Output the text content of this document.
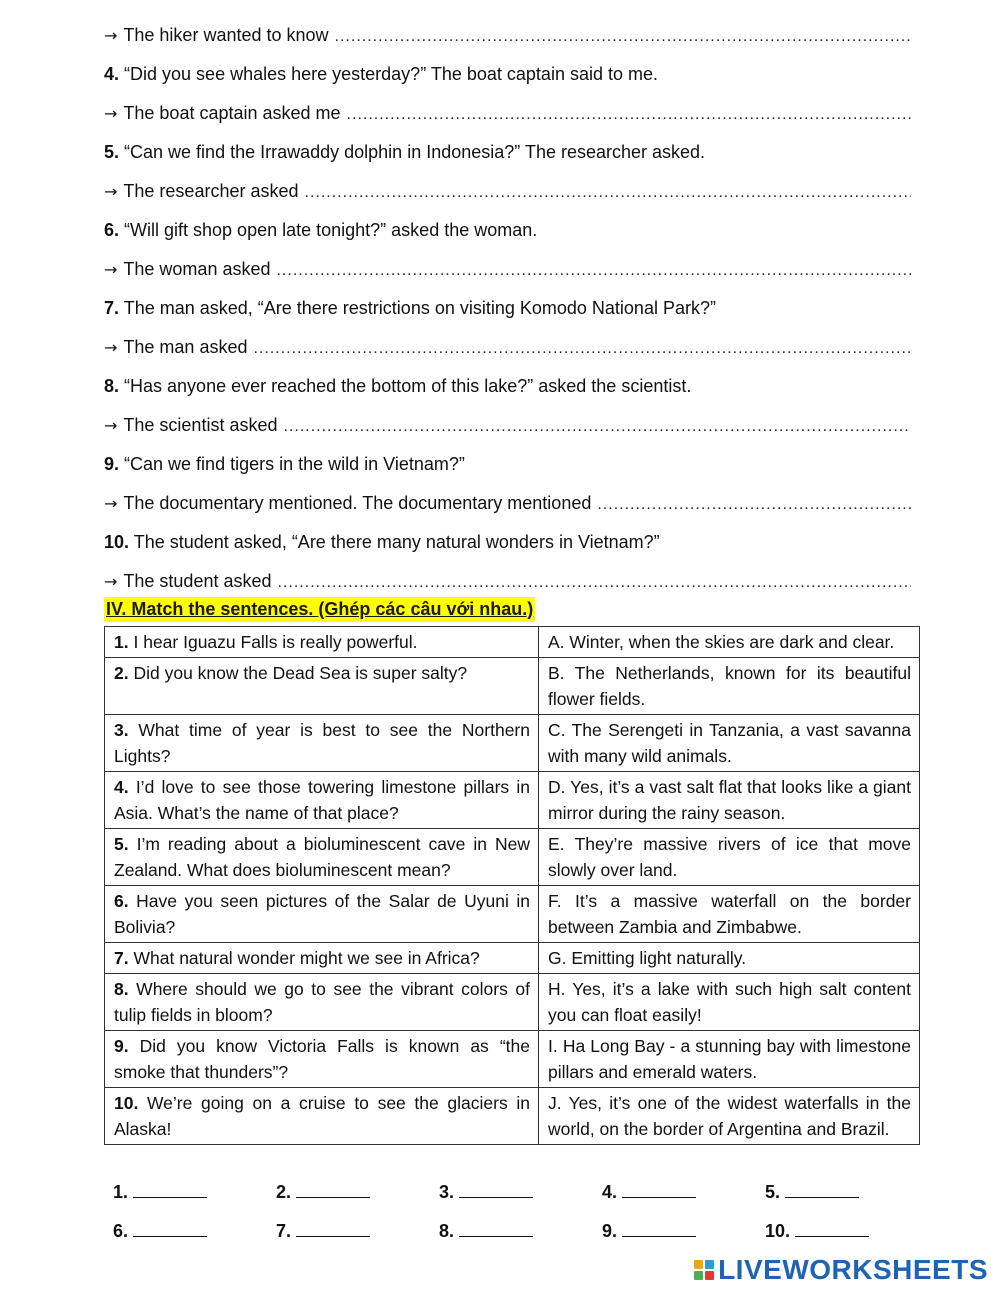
→ The hiker wanted to know
.....
4. “Did you see whales here yesterday?” The boat captain said to me.
→ The boat captain asked me
.....
5. “Can we find the Irrawaddy dolphin in Indonesia?” The researcher asked.
→ The researcher asked
.....
6. “Will gift shop open late tonight?” asked the woman.
→ The woman asked
.....
7. The man asked, “Are there restrictions on visiting Komodo National Park?”
→ The man asked
.....
8. “Has anyone ever reached the bottom of this lake?” asked the scientist.
→ The scientist asked
.....
9. “Can we find tigers in the wild in Vietnam?”
→ The documentary mentioned. The documentary mentioned
.....
10. The student asked, “Are there many natural wonders in Vietnam?”
→ The student asked
.....
IV. Match the sentences. (Ghép các câu với nhau.)
1. I hear Iguazu Falls is really powerful.	A. Winter, when the skies are dark and clear.
2. Did you know the Dead Sea is super salty?	B. The Netherlands, known for its beautiful flower fields.
3. What time of year is best to see the Northern Lights?	C. The Serengeti in Tanzania, a vast savanna with many wild animals.
4. I’d love to see those towering limestone pillars in Asia. What’s the name of that place?	D. Yes, it’s a vast salt flat that looks like a giant mirror during the rainy season.
5. I’m reading about a bioluminescent cave in New Zealand. What does bioluminescent mean?	E. They’re massive rivers of ice that move slowly over land.
6. Have you seen pictures of the Salar de Uyuni in Bolivia?	F. It’s a massive waterfall on the border between Zambia and Zimbabwe.
7. What natural wonder might we see in Africa?	G. Emitting light naturally.
8. Where should we go to see the vibrant colors of tulip fields in bloom?	H. Yes, it’s a lake with such high salt content you can float easily!
9. Did you know Victoria Falls is known as “the smoke that thunders”?	I. Ha Long Bay - a stunning bay with limestone pillars and emerald waters.
10. We’re going on a cruise to see the glaciers in Alaska!	J. Yes, it’s one of the widest waterfalls in the world, on the border of Argentina and Brazil.
1.	2.	3.	4.	5.
6.	7.	8.	9.	10.
LIVEWORKSHEETS
